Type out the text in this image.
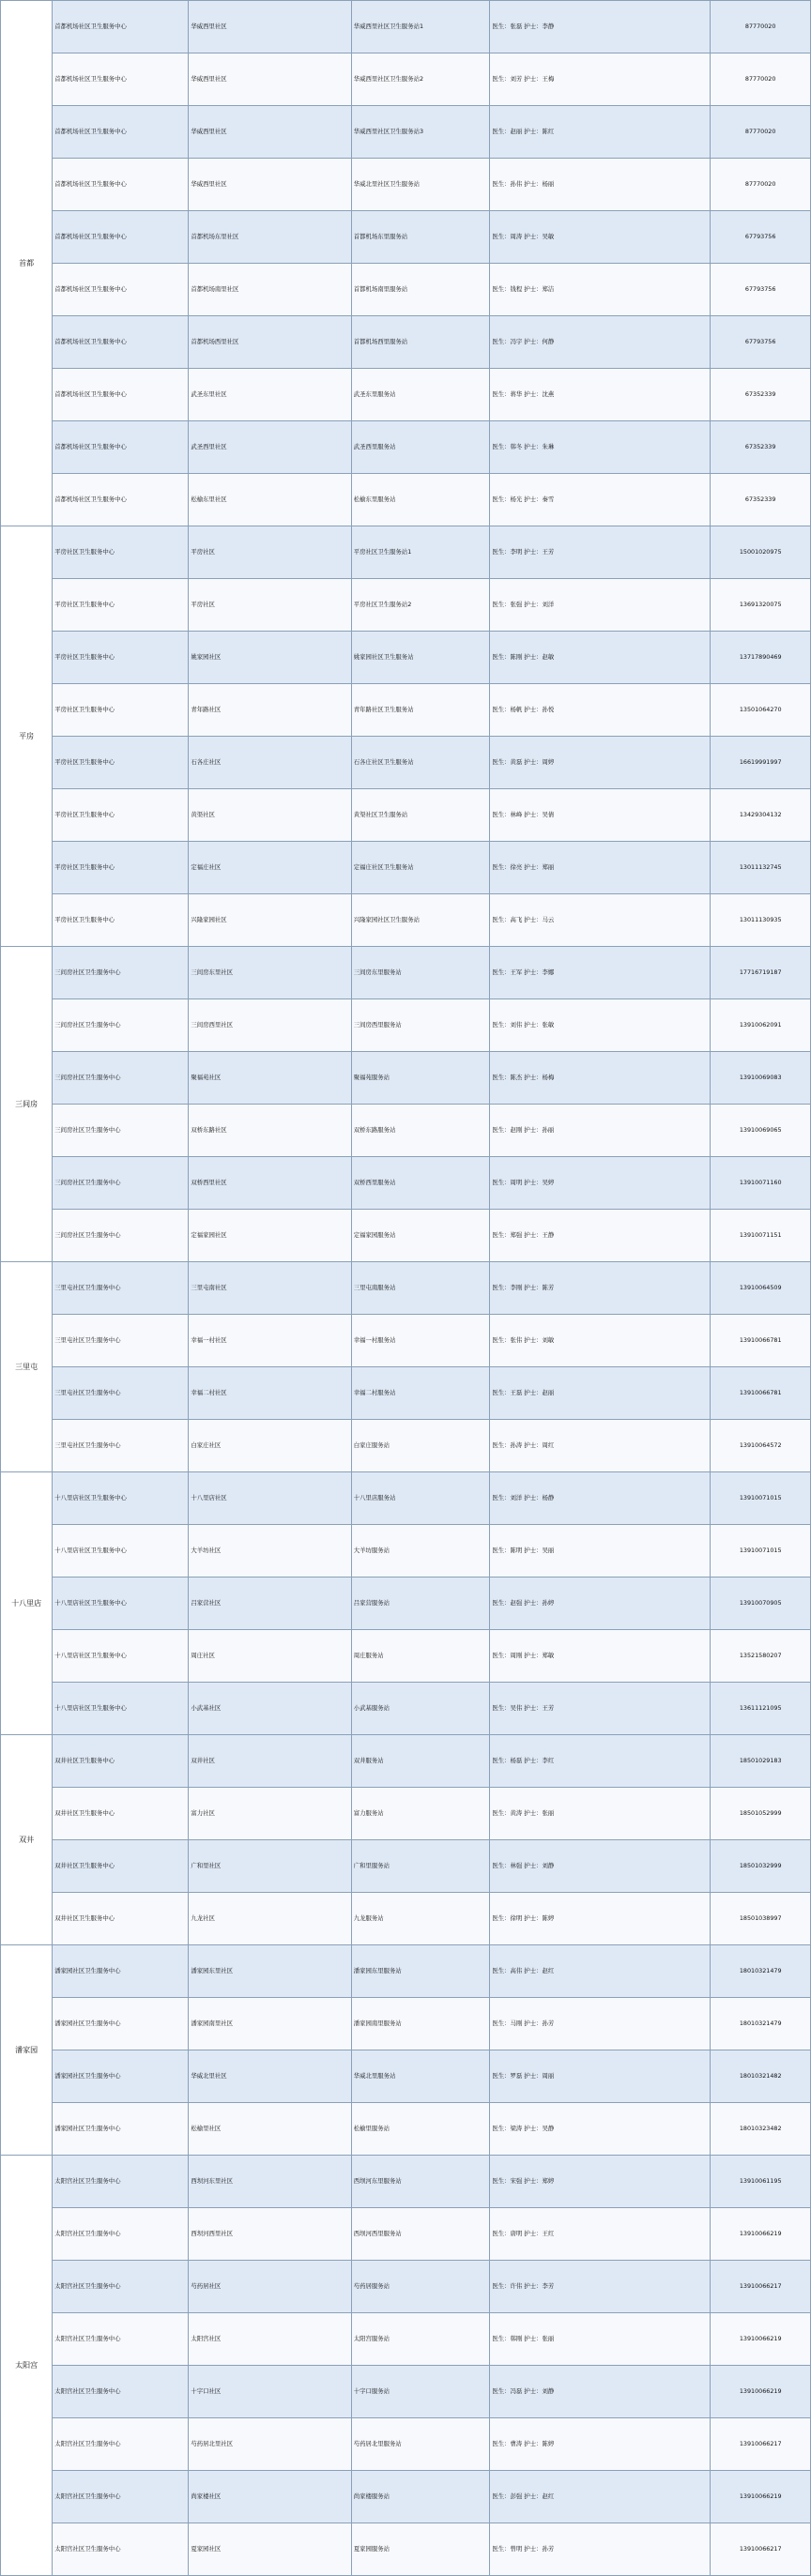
首都	首都机场社区卫生服务中心	华威西里社区	华威西里社区卫生服务站1	医生：张磊 护士：李静	87770020
	首都机场社区卫生服务中心	华威西里社区	华威西里社区卫生服务站2	医生：刘芳 护士：王梅	87770020
	首都机场社区卫生服务中心	华威西里社区	华威西里社区卫生服务站3	医生：赵丽 护士：陈红	87770020
	首都机场社区卫生服务中心	华威西里社区	华威北里社区卫生服务站	医生：孙伟 护士：杨丽	87770020
	首都机场社区卫生服务中心	首都机场东里社区	首都机场东里服务站	医生：周涛 护士：吴敏	67793756
	首都机场社区卫生服务中心	首都机场南里社区	首都机场南里服务站	医生：钱程 护士：郑洁	67793756
	首都机场社区卫生服务中心	首都机场西里社区	首都机场西里服务站	医生：冯宇 护士：何静	67793756
	首都机场社区卫生服务中心	武圣东里社区	武圣东里服务站	医生：蒋华 护士：沈燕	67352339
	首都机场社区卫生服务中心	武圣西里社区	武圣西里服务站	医生：韩冬 护士：朱琳	67352339
	首都机场社区卫生服务中心	松榆东里社区	松榆东里服务站	医生：杨光 护士：秦雪	67352339
平房	平房社区卫生服务中心	平房社区	平房社区卫生服务站1	医生：李明 护士：王芳	15001020975
	平房社区卫生服务中心	平房社区	平房社区卫生服务站2	医生：张强 护士：刘洋	13691320075
	平房社区卫生服务中心	姚家园社区	姚家园社区卫生服务站	医生：陈刚 护士：赵敏	13717890469
	平房社区卫生服务中心	青年路社区	青年路社区卫生服务站	医生：杨帆 护士：孙悦	13501064270
	平房社区卫生服务中心	石各庄社区	石各庄社区卫生服务站	医生：黄磊 护士：周婷	16619991997
	平房社区卫生服务中心	黄渠社区	黄渠社区卫生服务站	医生：林峰 护士：吴倩	13429304132
	平房社区卫生服务中心	定福庄社区	定福庄社区卫生服务站	医生：徐亮 护士：郑丽	13011132745
	平房社区卫生服务中心	兴隆家园社区	兴隆家园社区卫生服务站	医生：高飞 护士：马云	13011130935
三间房	三间房社区卫生服务中心	三间房东里社区	三间房东里服务站	医生：王军 护士：李娜	17716719187
	三间房社区卫生服务中心	三间房西里社区	三间房西里服务站	医生：刘伟 护士：张敏	13910062091
	三间房社区卫生服务中心	聚福苑社区	聚福苑服务站	医生：陈杰 护士：杨梅	13910069083
	三间房社区卫生服务中心	双桥东路社区	双桥东路服务站	医生：赵刚 护士：孙丽	13910069065
	三间房社区卫生服务中心	双桥西里社区	双桥西里服务站	医生：周明 护士：吴婷	13910071160
	三间房社区卫生服务中心	定福家园社区	定福家园服务站	医生：郑强 护士：王静	13910071151
三里屯	三里屯社区卫生服务中心	三里屯南社区	三里屯南服务站	医生：李刚 护士：陈芳	13910064509
	三里屯社区卫生服务中心	幸福一村社区	幸福一村服务站	医生：张伟 护士：刘敏	13910066781
	三里屯社区卫生服务中心	幸福二村社区	幸福二村服务站	医生：王磊 护士：赵丽	13910066781
	三里屯社区卫生服务中心	白家庄社区	白家庄服务站	医生：孙涛 护士：周红	13910064572
十八里店	十八里店社区卫生服务中心	十八里店社区	十八里店服务站	医生：刘洋 护士：杨静	13910071015
	十八里店社区卫生服务中心	大羊坊社区	大羊坊服务站	医生：陈明 护士：吴丽	13910071015
	十八里店社区卫生服务中心	吕家营社区	吕家营服务站	医生：赵强 护士：孙婷	13910070905
	十八里店社区卫生服务中心	周庄社区	周庄服务站	医生：周刚 护士：郑敏	13521580207
	十八里店社区卫生服务中心	小武基社区	小武基服务站	医生：吴伟 护士：王芳	13611121095
双井	双井社区卫生服务中心	双井社区	双井服务站	医生：杨磊 护士：李红	18501029183
	双井社区卫生服务中心	富力社区	富力服务站	医生：黄涛 护士：张丽	18501052999
	双井社区卫生服务中心	广和里社区	广和里服务站	医生：林强 护士：刘静	18501032999
	双井社区卫生服务中心	九龙社区	九龙服务站	医生：徐明 护士：陈婷	18501038997
潘家园	潘家园社区卫生服务中心	潘家园东里社区	潘家园东里服务站	医生：高伟 护士：赵红	18010321479
	潘家园社区卫生服务中心	潘家园南里社区	潘家园南里服务站	医生：马刚 护士：孙芳	18010321479
	潘家园社区卫生服务中心	华威北里社区	华威北里服务站	医生：罗磊 护士：周丽	18010321482
	潘家园社区卫生服务中心	松榆里社区	松榆里服务站	医生：梁涛 护士：吴静	18010323482
太阳宫	太阳宫社区卫生服务中心	西坝河东里社区	西坝河东里服务站	医生：宋强 护士：郑婷	13910061195
	太阳宫社区卫生服务中心	西坝河西里社区	西坝河西里服务站	医生：唐明 护士：王红	13910066219
	太阳宫社区卫生服务中心	芍药居社区	芍药居服务站	医生：许伟 护士：李芳	13910066217
	太阳宫社区卫生服务中心	太阳宫社区	太阳宫服务站	医生：韩刚 护士：张丽	13910066219
	太阳宫社区卫生服务中心	十字口社区	十字口服务站	医生：冯磊 护士：刘静	13910066219
	太阳宫社区卫生服务中心	芍药居北里社区	芍药居北里服务站	医生：曹涛 护士：陈婷	13910066217
	太阳宫社区卫生服务中心	尚家楼社区	尚家楼服务站	医生：彭强 护士：赵红	13910066219
	太阳宫社区卫生服务中心	夏家园社区	夏家园服务站	医生：曾明 护士：孙芳	13910066217
